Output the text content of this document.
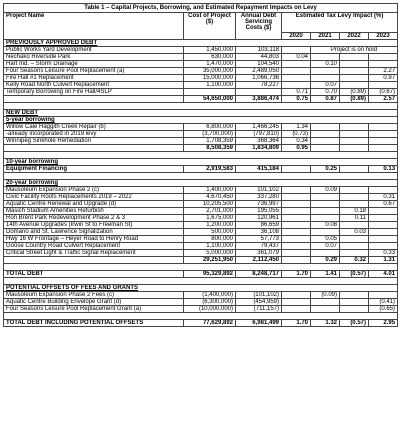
Table 1 – Capital Projects, Borrowing, and Estimated Repayment Impacts on Levy						
Project Name	Cost of Project ($)	Annual Debt Servicing Costs ($)	Estimated Tax Levy Impact (%)			
			2020	2021	2022	2023
PREVIOUSLY APPROVED DEBT						
Public Works Yard Development	1,450,000	103,118		Project is on hold		
Nechako Riverside Park	630,000	44,803	0.04			
Hart Ind. – Storm Drainage	1,470,000	104,540		0.10		
Four Seasons Leisure Pool Replacement (a)	35,000,000	2,489,050				2.27
Fire Hall #1 Replacement	15,000,000	1,066,736				0.97
Kelly Road North Culvert Replacement	1,100,000	78,227		0.07		
Temporary Borrowing on Fire Hall/4SLP			0.71	0.70	(0.89)	(0.67)
	54,650,000	3,886,474	0.75	0.87	(0.89)	2.57

NEW DEBT						
5-year borrowing						
Willow Cale Haggith Creek Repair (b)	6,800,000	1,466,245	1.34			
-already incorporated in 2019 levy	(3,700,000)	(797,810)	(0.73)			
Winnipeg Sinkhole Remediation	1,708,359	368,364	0.34			
	8,508,359	1,834,809	0.95			

10-year borrowing						
Equipment Financing	2,919,583	415,184		0.25		0.13

20-year borrowing						
Mausoleum Expansion Phase 2 (c)	1,400,000	101,102		0.09		
Civic Facility Roofs Replacements 2019 – 2022	4,670,450	337,280				0.31
Aquatic Centre Renewal and Upgrade (d)	10,205,500	736,997				0.67
Masich Stadium Amenities Refurbish	2,701,000	195,055			0.18	
Ron Brent Park Redevelopment Phase 2 & 3	1,675,000	120,961			0.11	
14th Avenue Upgrades (Irwin St to Freeman St)	1,200,000	86,659		0.08		
Domano and St. Lawrence Signalization	500,000	36,108			0.03	
Hwy 16 W Frontage – Heyer Road to Henry Road	800,000	57,773		0.05		
Goose Country Road Culvert Replacement	1,100,000	79,437		0.07		
Critical Street Light & Traffic Signal Replacement	5,000,000	361,079				0.33
	29,251,950	2,112,450		0.29	0.32	1.31

TOTAL DEBT	95,329,892	8,248,717	1.70	1.41	(0.57)	4.01

POTENTIAL OFFSETS OF FEES AND GRANTS						
Mausoleum Expansion Phase 2 Fees (c)	(1,400,000)	(101,102)		(0.09)		
Aquatic Centre Building Envelope Grant (d)	(6,300,000)	(454,959)				(0.41)
Four Seasons Leisure Pool Replacement Grant (a)	(10,000,000)	(711,157)				(0.65)

TOTAL DEBT INCLUDING POTENTIAL OFFSETS	77,629,892	6,981,499	1.70	1.32	(0.57)	2.95
